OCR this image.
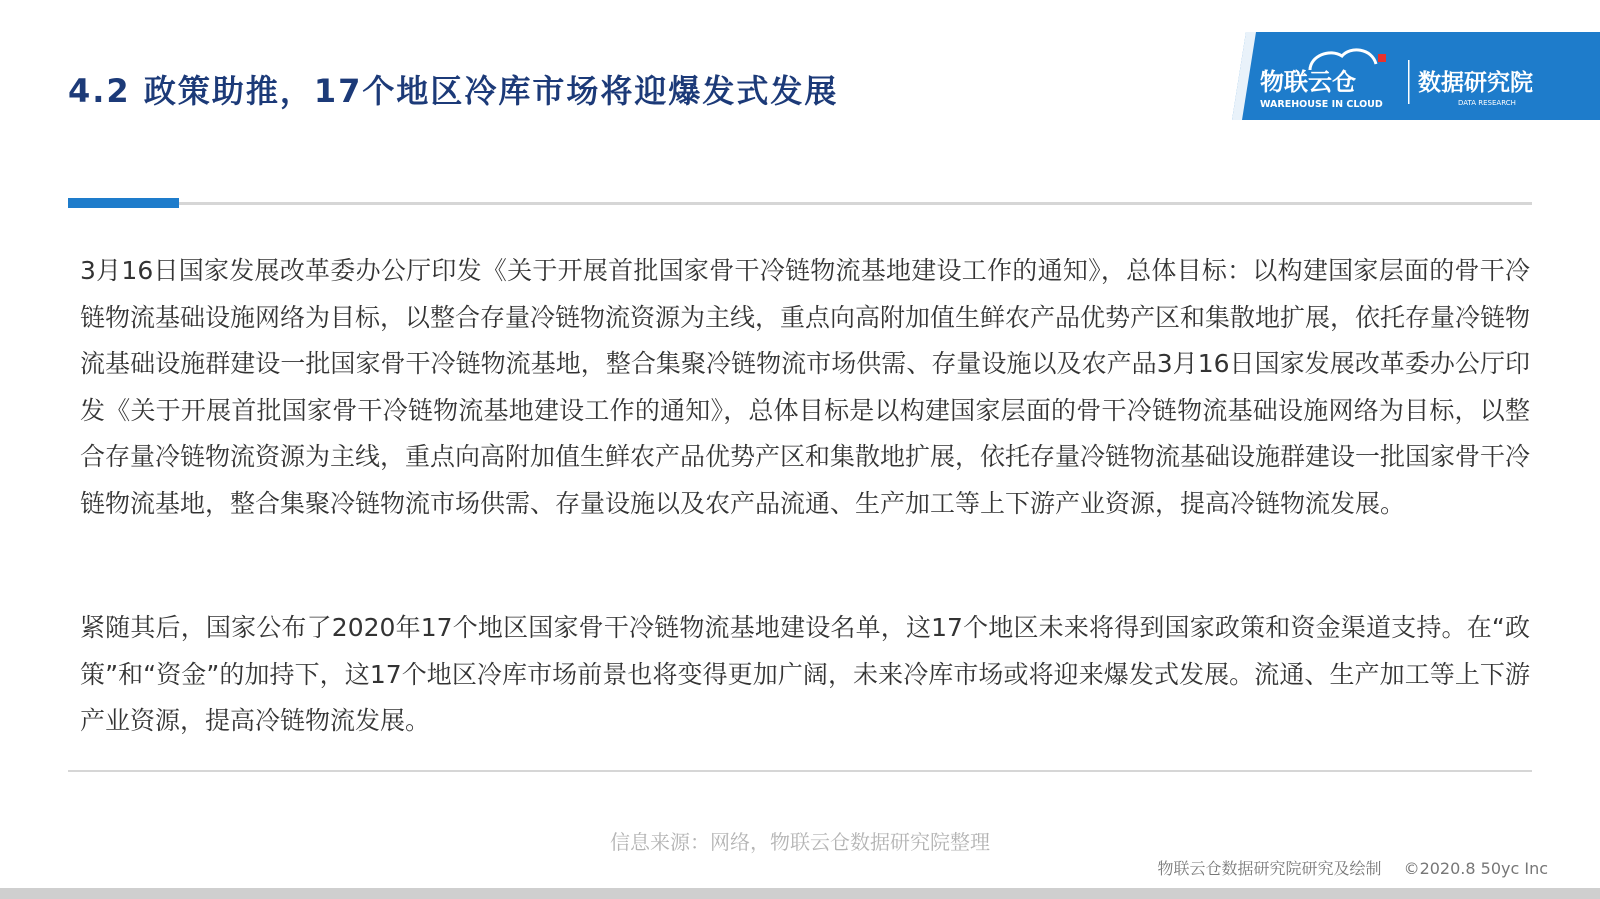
4.2 政策助推，17个地区冷库市场将迎爆发式发展	物联云仓
WAREHOUSE IN CLOUD
数据研究院
DATA RESEARCH

3月16日国家发展改革委办公厅印发《关于开展首批国家骨干冷链物流基地建设工作的通知》，总体目标：以构建国家层面的骨干冷链物流基础设施网络为目标，以整合存量冷链物流资源为主线，重点向高附加值生鲜农产品优势产区和集散地扩展，依托存量冷链物流基础设施群建设一批国家骨干冷链物流基地，整合集聚冷链物流市场供需、存量设施以及农产品3月16日国家发展改革委办公厅印发《关于开展首批国家骨干冷链物流基地建设工作的通知》，总体目标是以构建国家层面的骨干冷链物流基础设施网络为目标，以整合存量冷链物流资源为主线，重点向高附加值生鲜农产品优势产区和集散地扩展，依托存量冷链物流基础设施群建设一批国家骨干冷链物流基地，整合集聚冷链物流市场供需、存量设施以及农产品流通、生产加工等上下游产业资源，提高冷链物流发展。

紧随其后，国家公布了2020年17个地区国家骨干冷链物流基地建设名单，这17个地区未来将得到国家政策和资金渠道支持。在“政策”和“资金”的加持下，这17个地区冷库市场前景也将变得更加广阔，未来冷库市场或将迎来爆发式发展。流通、生产加工等上下游产业资源，提高冷链物流发展。

信息来源：网络，物联云仓数据研究院整理
物联云仓数据研究院研究及绘制 ©2020.8 50yc Inc
